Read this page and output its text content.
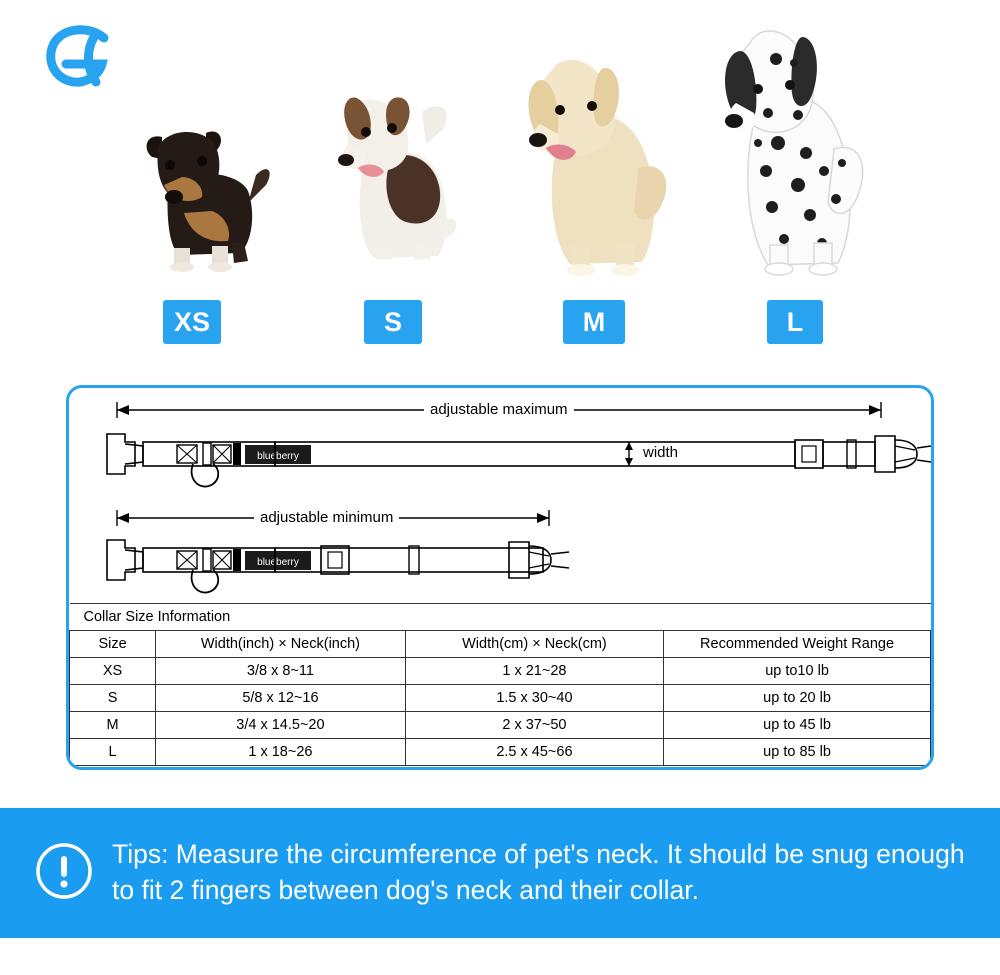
XS	S	M	L
blueberry
blueberry
adjustable maximum
adjustable minimum
width
Collar Size Information			
Size	Width(inch) × Neck(inch)	Width(cm) × Neck(cm)	Recommended Weight Range
XS	3/8 x 8~11	1 x 21~28	up to10 lb
S	5/8 x 12~16	1.5 x 30~40	up to 20 lb
M	3/4 x 14.5~20	2 x 37~50	up to 45 lb
L	1 x 18~26	2.5 x 45~66	up to 85 lb
Tips: Measure the circumference of pet's neck. It should be snug enough to fit 2 fingers between dog's neck and their collar.
